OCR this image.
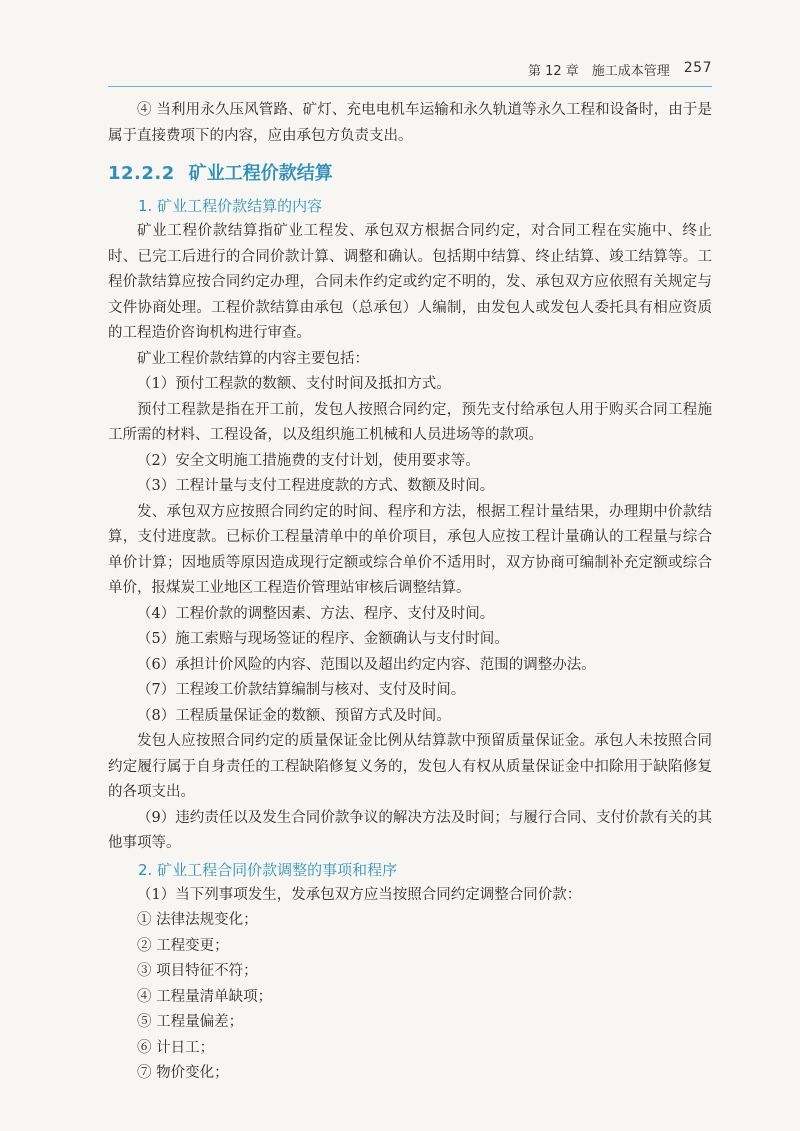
第 12 章　施工成本管理 257

④ 当利用永久压风管路、矿灯、充电电机车运输和永久轨道等永久工程和设备时，由于是属于直接费项下的内容，应由承包方负责支出。

12.2.2 矿业工程价款结算
1. 矿业工程价款结算的内容

矿业工程价款结算指矿业工程发、承包双方根据合同约定，对合同工程在实施中、终止时、已完工后进行的合同价款计算、调整和确认。包括期中结算、终止结算、竣工结算等。工程价款结算应按合同约定办理，合同未作约定或约定不明的，发、承包双方应依照有关规定与文件协商处理。工程价款结算由承包（总承包）人编制，由发包人或发包人委托具有相应资质的工程造价咨询机构进行审查。

矿业工程价款结算的内容主要包括：

（1）预付工程款的数额、支付时间及抵扣方式。

预付工程款是指在开工前，发包人按照合同约定，预先支付给承包人用于购买合同工程施工所需的材料、工程设备，以及组织施工机械和人员进场等的款项。

（2）安全文明施工措施费的支付计划，使用要求等。

（3）工程计量与支付工程进度款的方式、数额及时间。

发、承包双方应按照合同约定的时间、程序和方法，根据工程计量结果，办理期中价款结算，支付进度款。已标价工程量清单中的单价项目，承包人应按工程计量确认的工程量与综合单价计算；因地质等原因造成现行定额或综合单价不适用时，双方协商可编制补充定额或综合单价，报煤炭工业地区工程造价管理站审核后调整结算。

（4）工程价款的调整因素、方法、程序、支付及时间。

（5）施工索赔与现场签证的程序、金额确认与支付时间。

（6）承担计价风险的内容、范围以及超出约定内容、范围的调整办法。

（7）工程竣工价款结算编制与核对、支付及时间。

（8）工程质量保证金的数额、预留方式及时间。

发包人应按照合同约定的质量保证金比例从结算款中预留质量保证金。承包人未按照合同约定履行属于自身责任的工程缺陷修复义务的，发包人有权从质量保证金中扣除用于缺陷修复的各项支出。

（9）违约责任以及发生合同价款争议的解决方法及时间；与履行合同、支付价款有关的其他事项等。

2. 矿业工程合同价款调整的事项和程序

（1）当下列事项发生，发承包双方应当按照合同约定调整合同价款：

① 法律法规变化；

② 工程变更；

③ 项目特征不符；

④ 工程量清单缺项；

⑤ 工程量偏差；

⑥ 计日工；

⑦ 物价变化；
